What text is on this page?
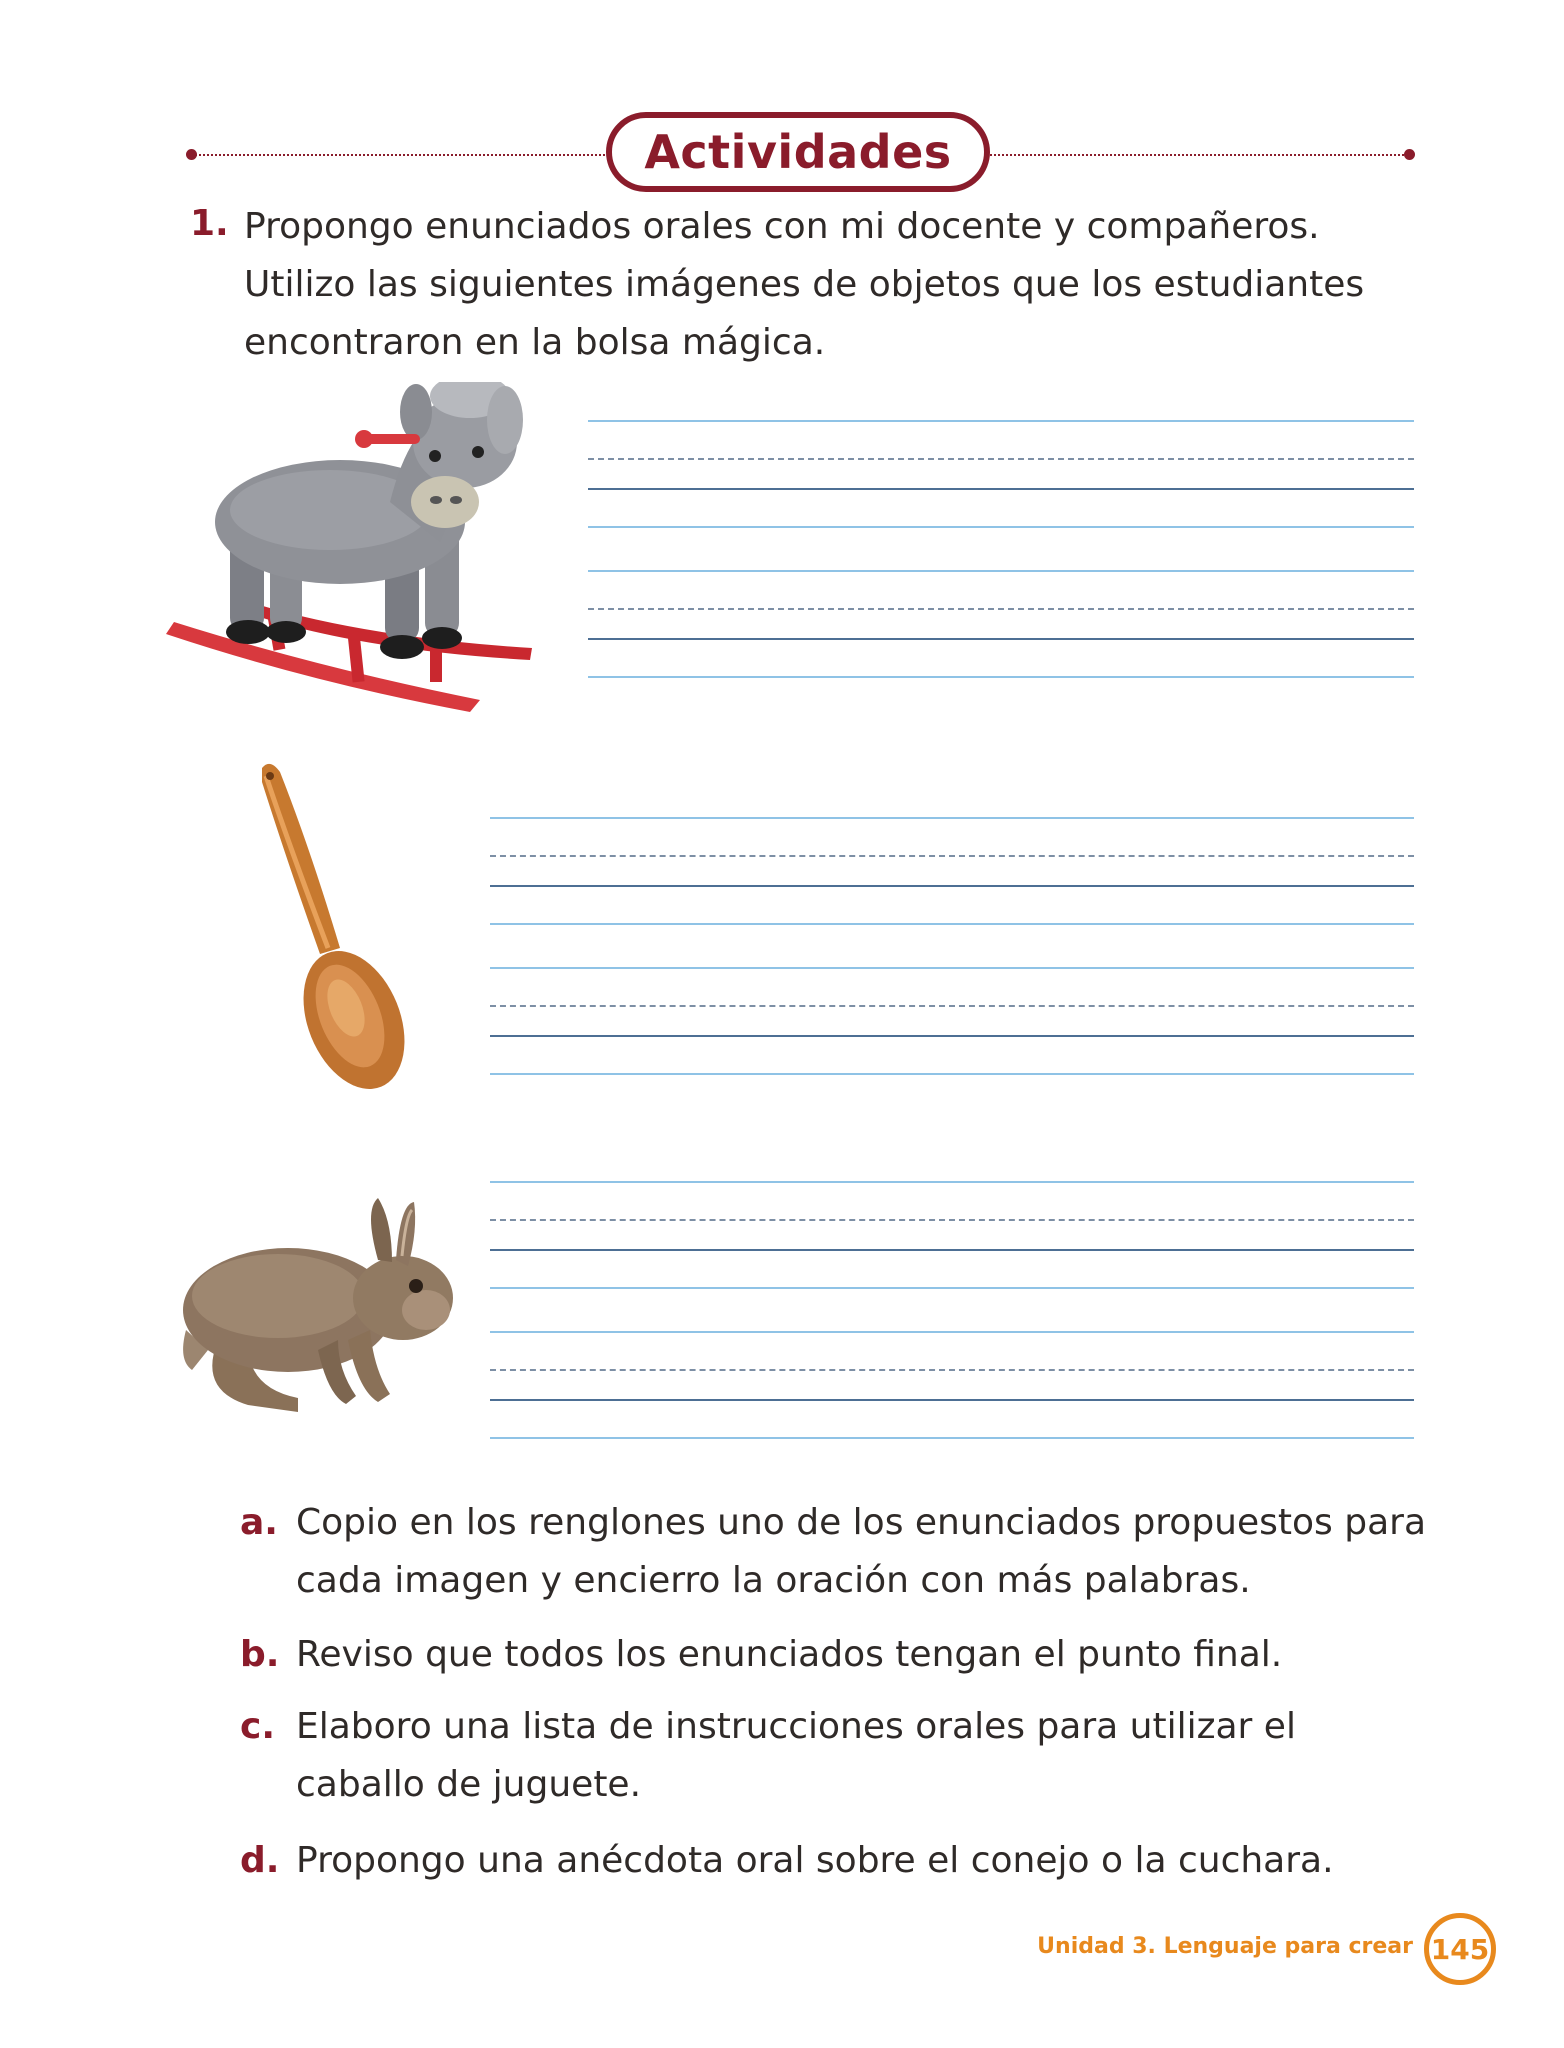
Actividades
1. Propongo enunciados orales con mi docente y compañeros.
Utilizo las siguientes imágenes de objetos que los estudiantes
encontraron en la bolsa mágica.
a. Copio en los renglones uno de los enunciados propuestos para
cada imagen y encierro la oración con más palabras.
b. Reviso que todos los enunciados tengan el punto final.
c. Elaboro una lista de instrucciones orales para utilizar el
caballo de juguete.
d. Propongo una anécdota oral sobre el conejo o la cuchara.
Unidad 3. Lenguaje para crear 145
